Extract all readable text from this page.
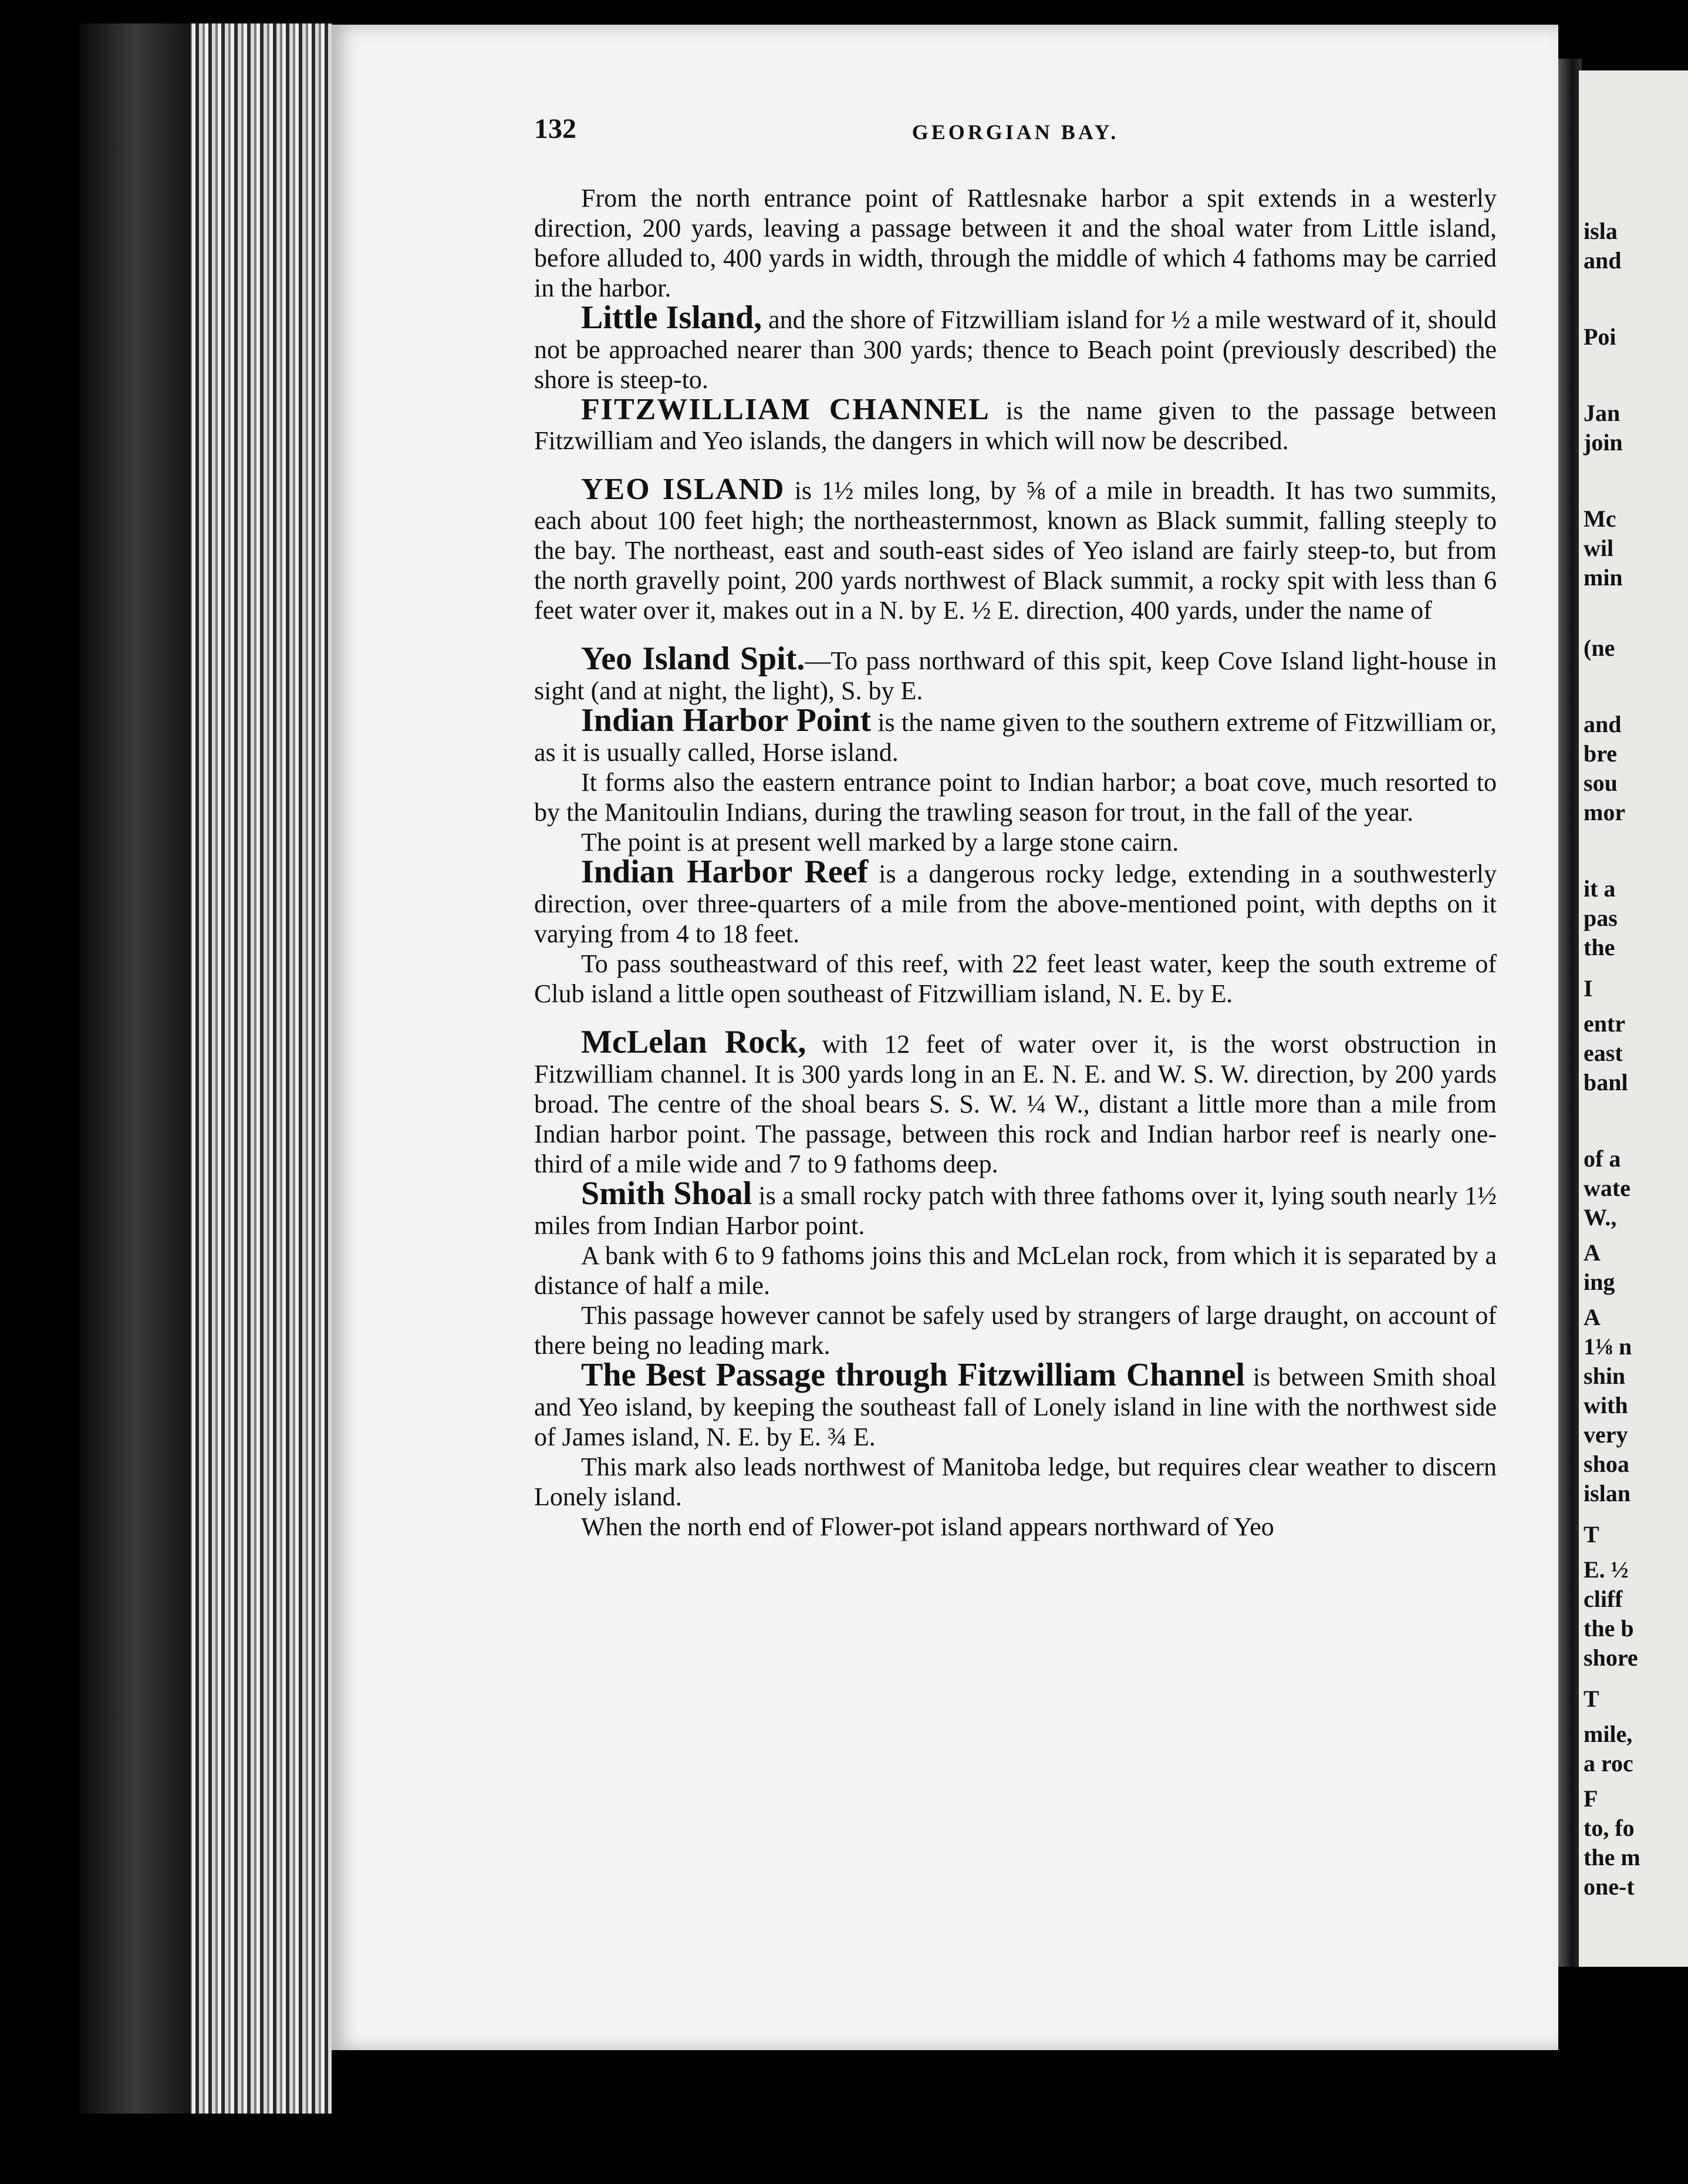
isla
and
Poi
Jan
join
Mc
wil
min
(ne
and
bre
sou
mor
it a
pas
the
I
entr
east
banl
of a
wate
W.,
A
ing
A
1⅛ n
shin
with
very
shoa
islan
T
E. ½
cliff
the b
shore
T
mile,
a roc
F
to, fo
the m
one-t
132	GEORGIAN BAY.

From the north entrance point of Rattlesnake harbor a spit extends in a westerly direction, 200 yards, leaving a passage between it and the shoal water from Little island, before alluded to, 400 yards in width, through the middle of which 4 fathoms may be carried in the harbor.

Little Island, and the shore of Fitzwilliam island for ½ a mile westward of it, should not be approached nearer than 300 yards; thence to Beach point (previously described) the shore is steep-to.

FITZWILLIAM CHANNEL is the name given to the passage between Fitzwilliam and Yeo islands, the dangers in which will now be described.

YEO ISLAND is 1½ miles long, by ⅝ of a mile in breadth. It has two summits, each about 100 feet high; the northeasternmost, known as Black summit, falling steeply to the bay. The northeast, east and south-east sides of Yeo island are fairly steep-to, but from the north gravelly point, 200 yards northwest of Black summit, a rocky spit with less than 6 feet water over it, makes out in a N. by E. ½ E. direction, 400 yards, under the name of

Yeo Island Spit.—To pass northward of this spit, keep Cove Island light-house in sight (and at night, the light), S. by E.

Indian Harbor Point is the name given to the southern extreme of Fitzwilliam or, as it is usually called, Horse island.

It forms also the eastern entrance point to Indian harbor; a boat cove, much resorted to by the Manitoulin Indians, during the trawling season for trout, in the fall of the year.

The point is at present well marked by a large stone cairn.

Indian Harbor Reef is a dangerous rocky ledge, extending in a southwesterly direction, over three-quarters of a mile from the above-mentioned point, with depths on it varying from 4 to 18 feet.

To pass southeastward of this reef, with 22 feet least water, keep the south extreme of Club island a little open southeast of Fitzwilliam island, N. E. by E.

McLelan Rock, with 12 feet of water over it, is the worst obstruction in Fitzwilliam channel. It is 300 yards long in an E. N. E. and W. S. W. direction, by 200 yards broad. The centre of the shoal bears S. S. W. ¼ W., distant a little more than a mile from Indian harbor point. The passage, between this rock and Indian harbor reef is nearly one-third of a mile wide and 7 to 9 fathoms deep.

Smith Shoal is a small rocky patch with three fathoms over it, lying south nearly 1½ miles from Indian Harbor point.

A bank with 6 to 9 fathoms joins this and McLelan rock, from which it is separated by a distance of half a mile.

This passage however cannot be safely used by strangers of large draught, on account of there being no leading mark.

The Best Passage through Fitzwilliam Channel is between Smith shoal and Yeo island, by keeping the southeast fall of Lonely island in line with the northwest side of James island, N. E. by E. ¾ E.

This mark also leads northwest of Manitoba ledge, but requires clear weather to discern Lonely island.

When the north end of Flower-pot island appears northward of Yeo
